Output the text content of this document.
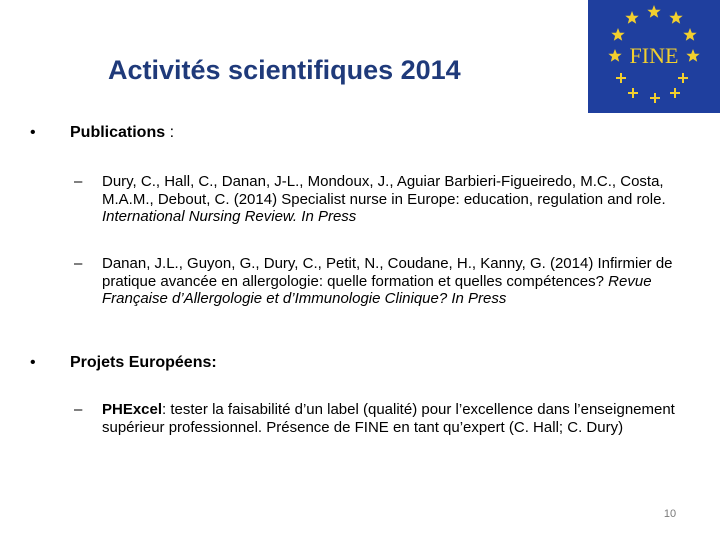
Activités scientifiques 2014	FINE
• Publications :
– Dury, C., Hall, C., Danan, J-L., Mondoux, J., Aguiar Barbieri-Figueiredo, M.C., Costa, M.A.M., Debout, C. (2014) Specialist nurse in Europe: education, regulation and role. International Nursing Review. In Press
– Danan, J.L., Guyon, G., Dury, C., Petit, N., Coudane, H., Kanny, G. (2014) Infirmier de pratique avancée en allergologie: quelle formation et quelles compétences? Revue Française d’Allergologie et d’Immunologie Clinique? In Press
• Projets Européens:
– PHExcel: tester la faisabilité d’un label (qualité) pour l’excellence dans l’enseignement supérieur professionnel. Présence de FINE en tant qu’expert (C. Hall; C. Dury)
10
